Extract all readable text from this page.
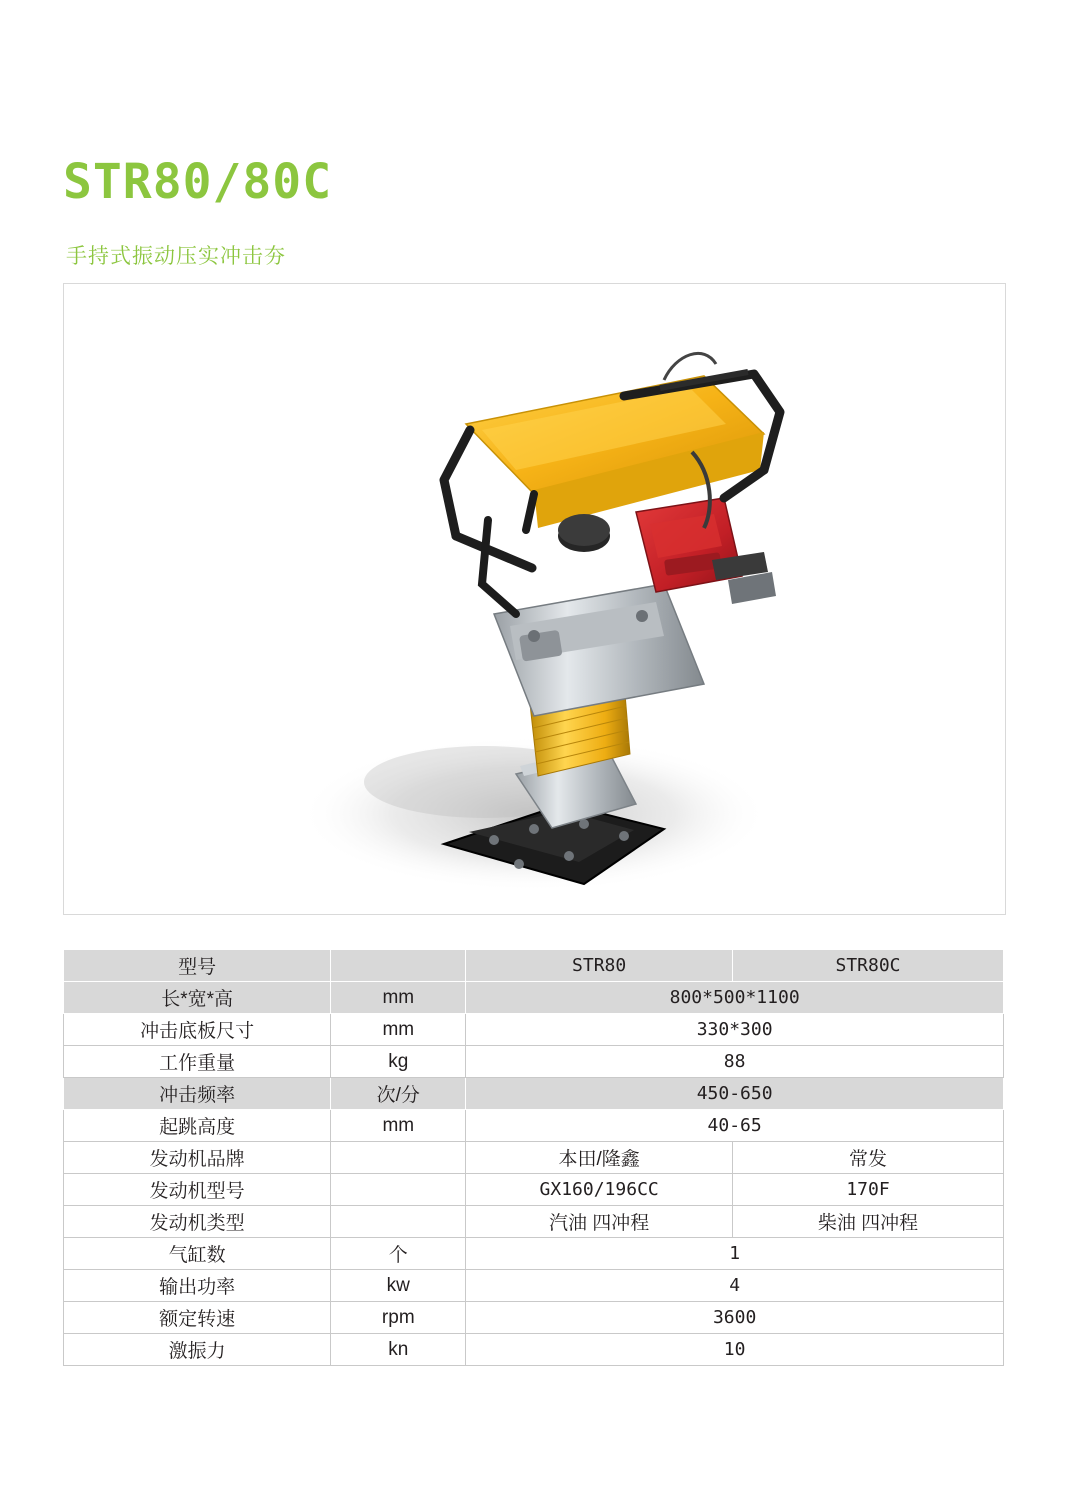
STR80/80C
手持式振动压实冲击夯
型号		STR80	STR80C
长*宽*高	mm	800*500*1100	
冲击底板尺寸	mm	330*300	
工作重量	kg	88	
冲击频率	次/分	450-650	
起跳高度	mm	40-65	
发动机品牌		本田/隆鑫	常发
发动机型号		GX160/196CC	170F
发动机类型		汽油 四冲程	柴油 四冲程
气缸数	个	1	
输出功率	kw	4	
额定转速	rpm	3600	
激振力	kn	10	
